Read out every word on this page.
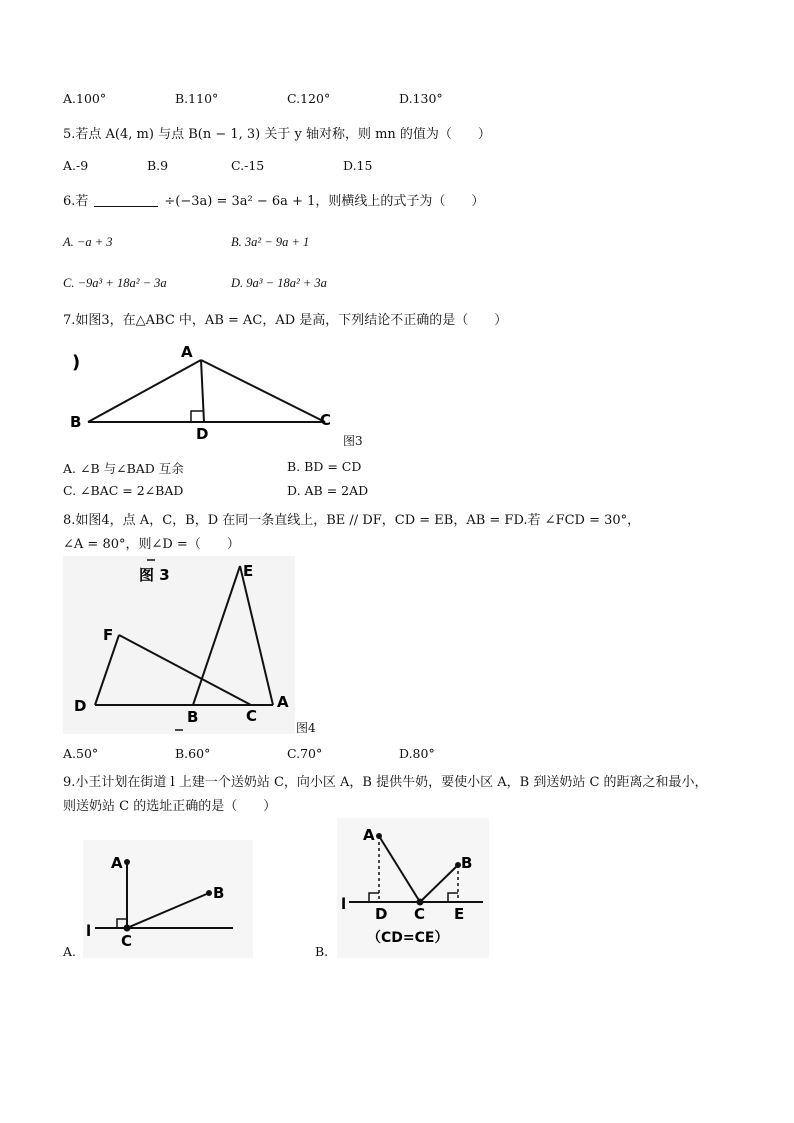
A.100°	B.110°	C.120°	D.130°
5.若点 A(4, m) 与点 B(n − 1, 3) 关于 y 轴对称，则 mn 的值为（　　）
A.-9	B.9	C.-15	D.15
6.若	÷(−3a) = 3a² − 6a + 1，则横线上的式子为（　　）
A. −a + 3	B. 3a² − 9a + 1
C. −9a³ + 18a² − 3a	D. 9a³ − 18a² + 3a
7.如图3，在△ABC 中，AB = AC，AD 是高，下列结论不正确的是（　　）
)	A
B	C
D	图3
A. ∠B 与∠BAD 互余	B. BD = CD
C. ∠BAC = 2∠BAD	D. AB = 2AD
8.如图4，点 A，C，B，D 在同一条直线上，BE // DF，CD = EB，AB = FD.若 ∠FCD = 30°，
∠A = 80°，则∠D =（　　）
图 3	E
F
D
B	C
A
图4
A.50°	B.60°	C.70°	D.80°
9.小王计划在街道 l 上建一个送奶站 C，向小区 A，B 提供牛奶，要使小区 A，B 到送奶站 C 的距离之和最小，
则送奶站 C 的选址正确的是（　　）
A
B
C
l
A.
A
B
C
D	E
l
（CD=CE）
B.
